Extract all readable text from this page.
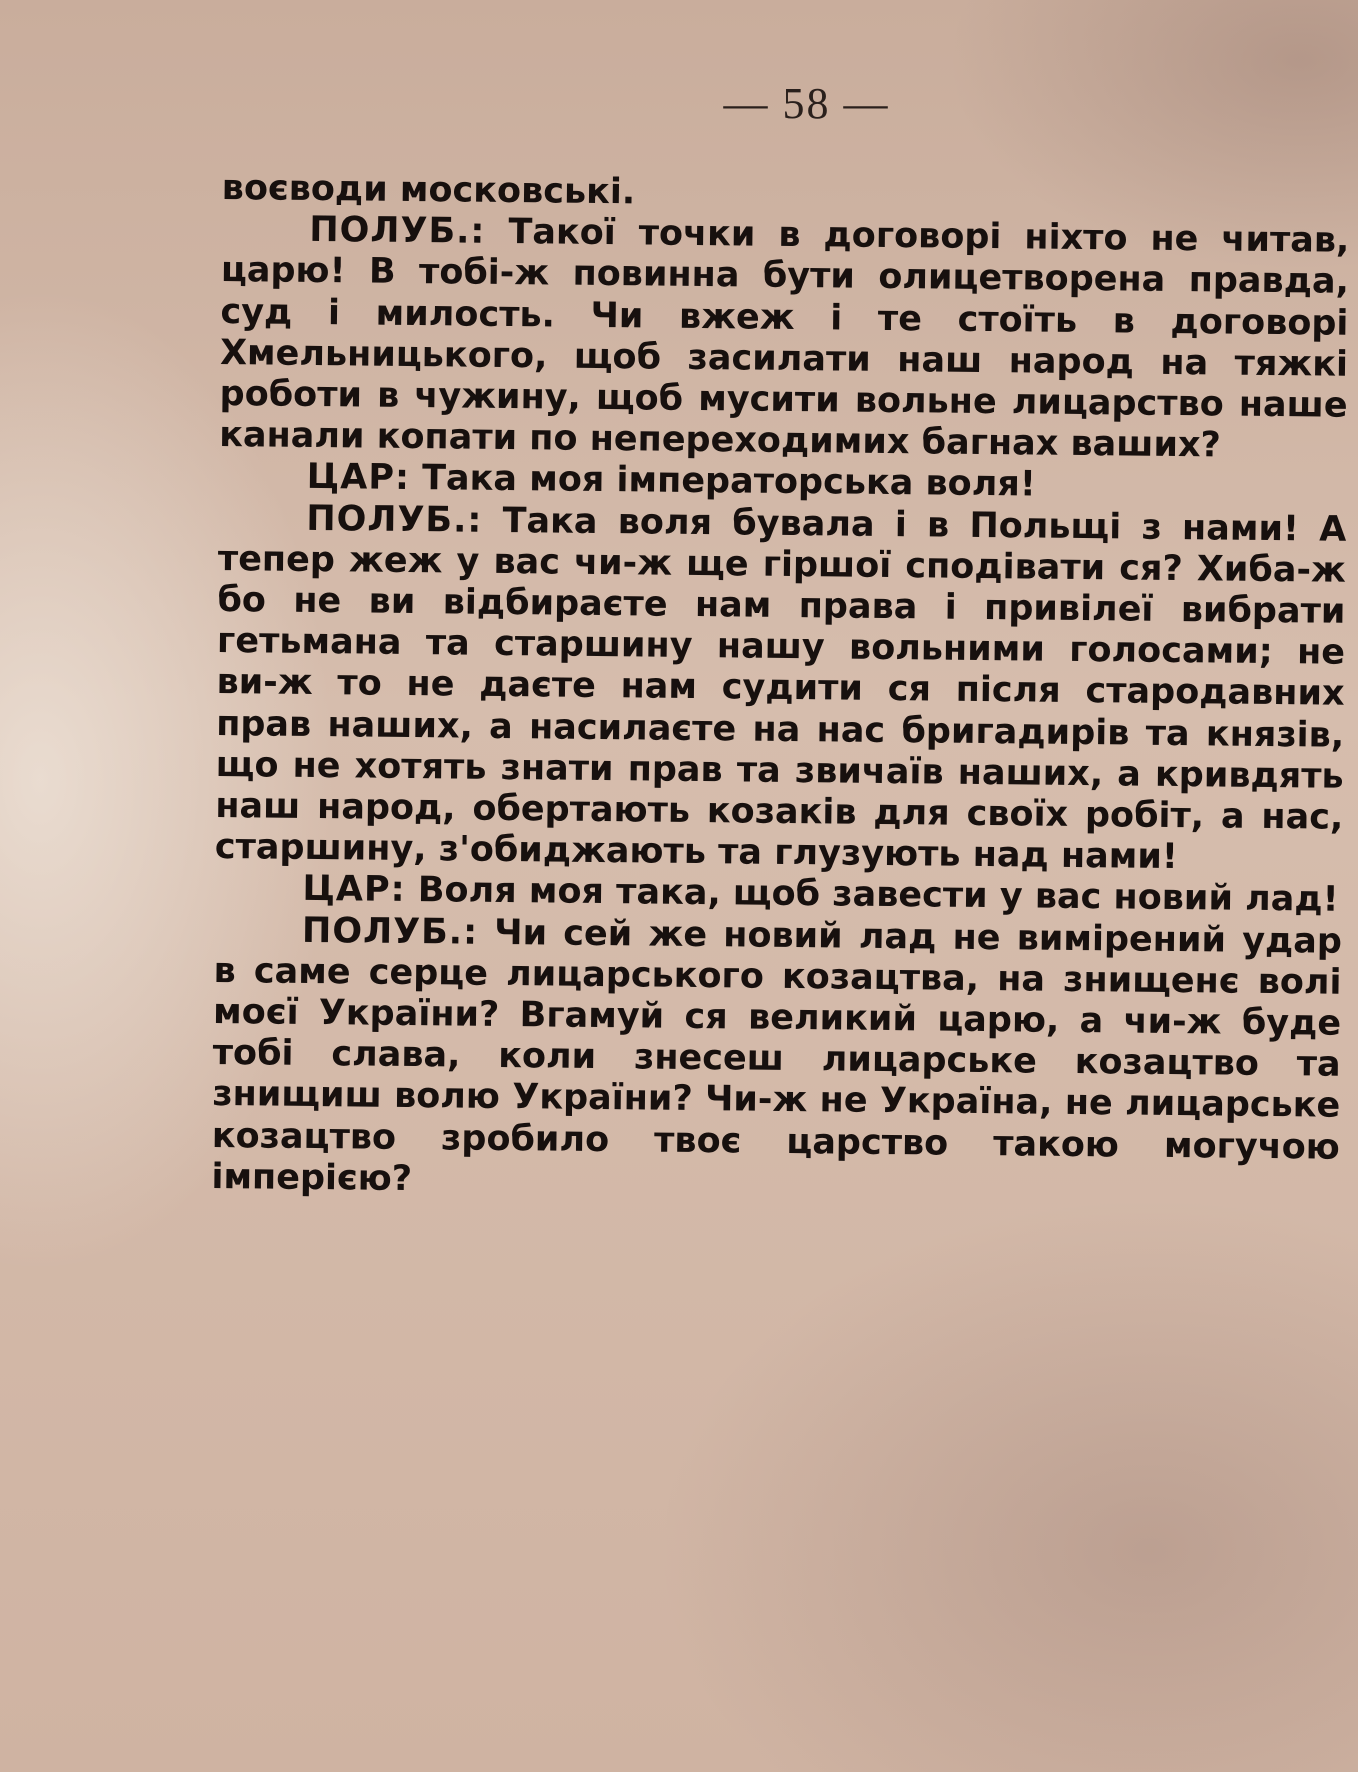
— 58 —

воєводи московські.

ПОЛУБ.: Такої точки в договорі ніхто не читав, царю! В тобі-ж повинна бути олицетворена правда, суд і милость. Чи вжеж і те стоїть в договорі Хмельницького, щоб засилати наш народ на тяжкі роботи в чужину, щоб мусити вольне лицарство наше канали копати по непереходимих багнах ваших?

ЦАР: Така моя імператорська воля!

ПОЛУБ.: Така воля бувала і в Польщі з нами! А тепер жеж у вас чи-ж ще гіршої сподівати ся? Хиба-ж бо не ви відбираєте нам права і привілеї вибрати гетьмана та старшину нашу вольними голосами; не ви-ж то не даєте нам судити ся після стародавних прав наших, а насилаєте на нас бригадирів та князів, що не хотять знати прав та звичаїв наших, а кривдять наш народ, обертають козаків для своїх робіт, а нас, старшину, з'обиджають та глузують над нами!

ЦАР: Воля моя така, щоб завести у вас новий лад!

ПОЛУБ.: Чи сей же новий лад не вимірений удар в саме серце лицарського козацтва, на знищенє волі моєї України? Вгамуй ся великий царю, а чи-ж буде тобі слава, коли знесеш лицарське козацтво та знищиш волю України? Чи-ж не Україна, не лицарське козацтво зробило твоє царство такою могучою імперією?
